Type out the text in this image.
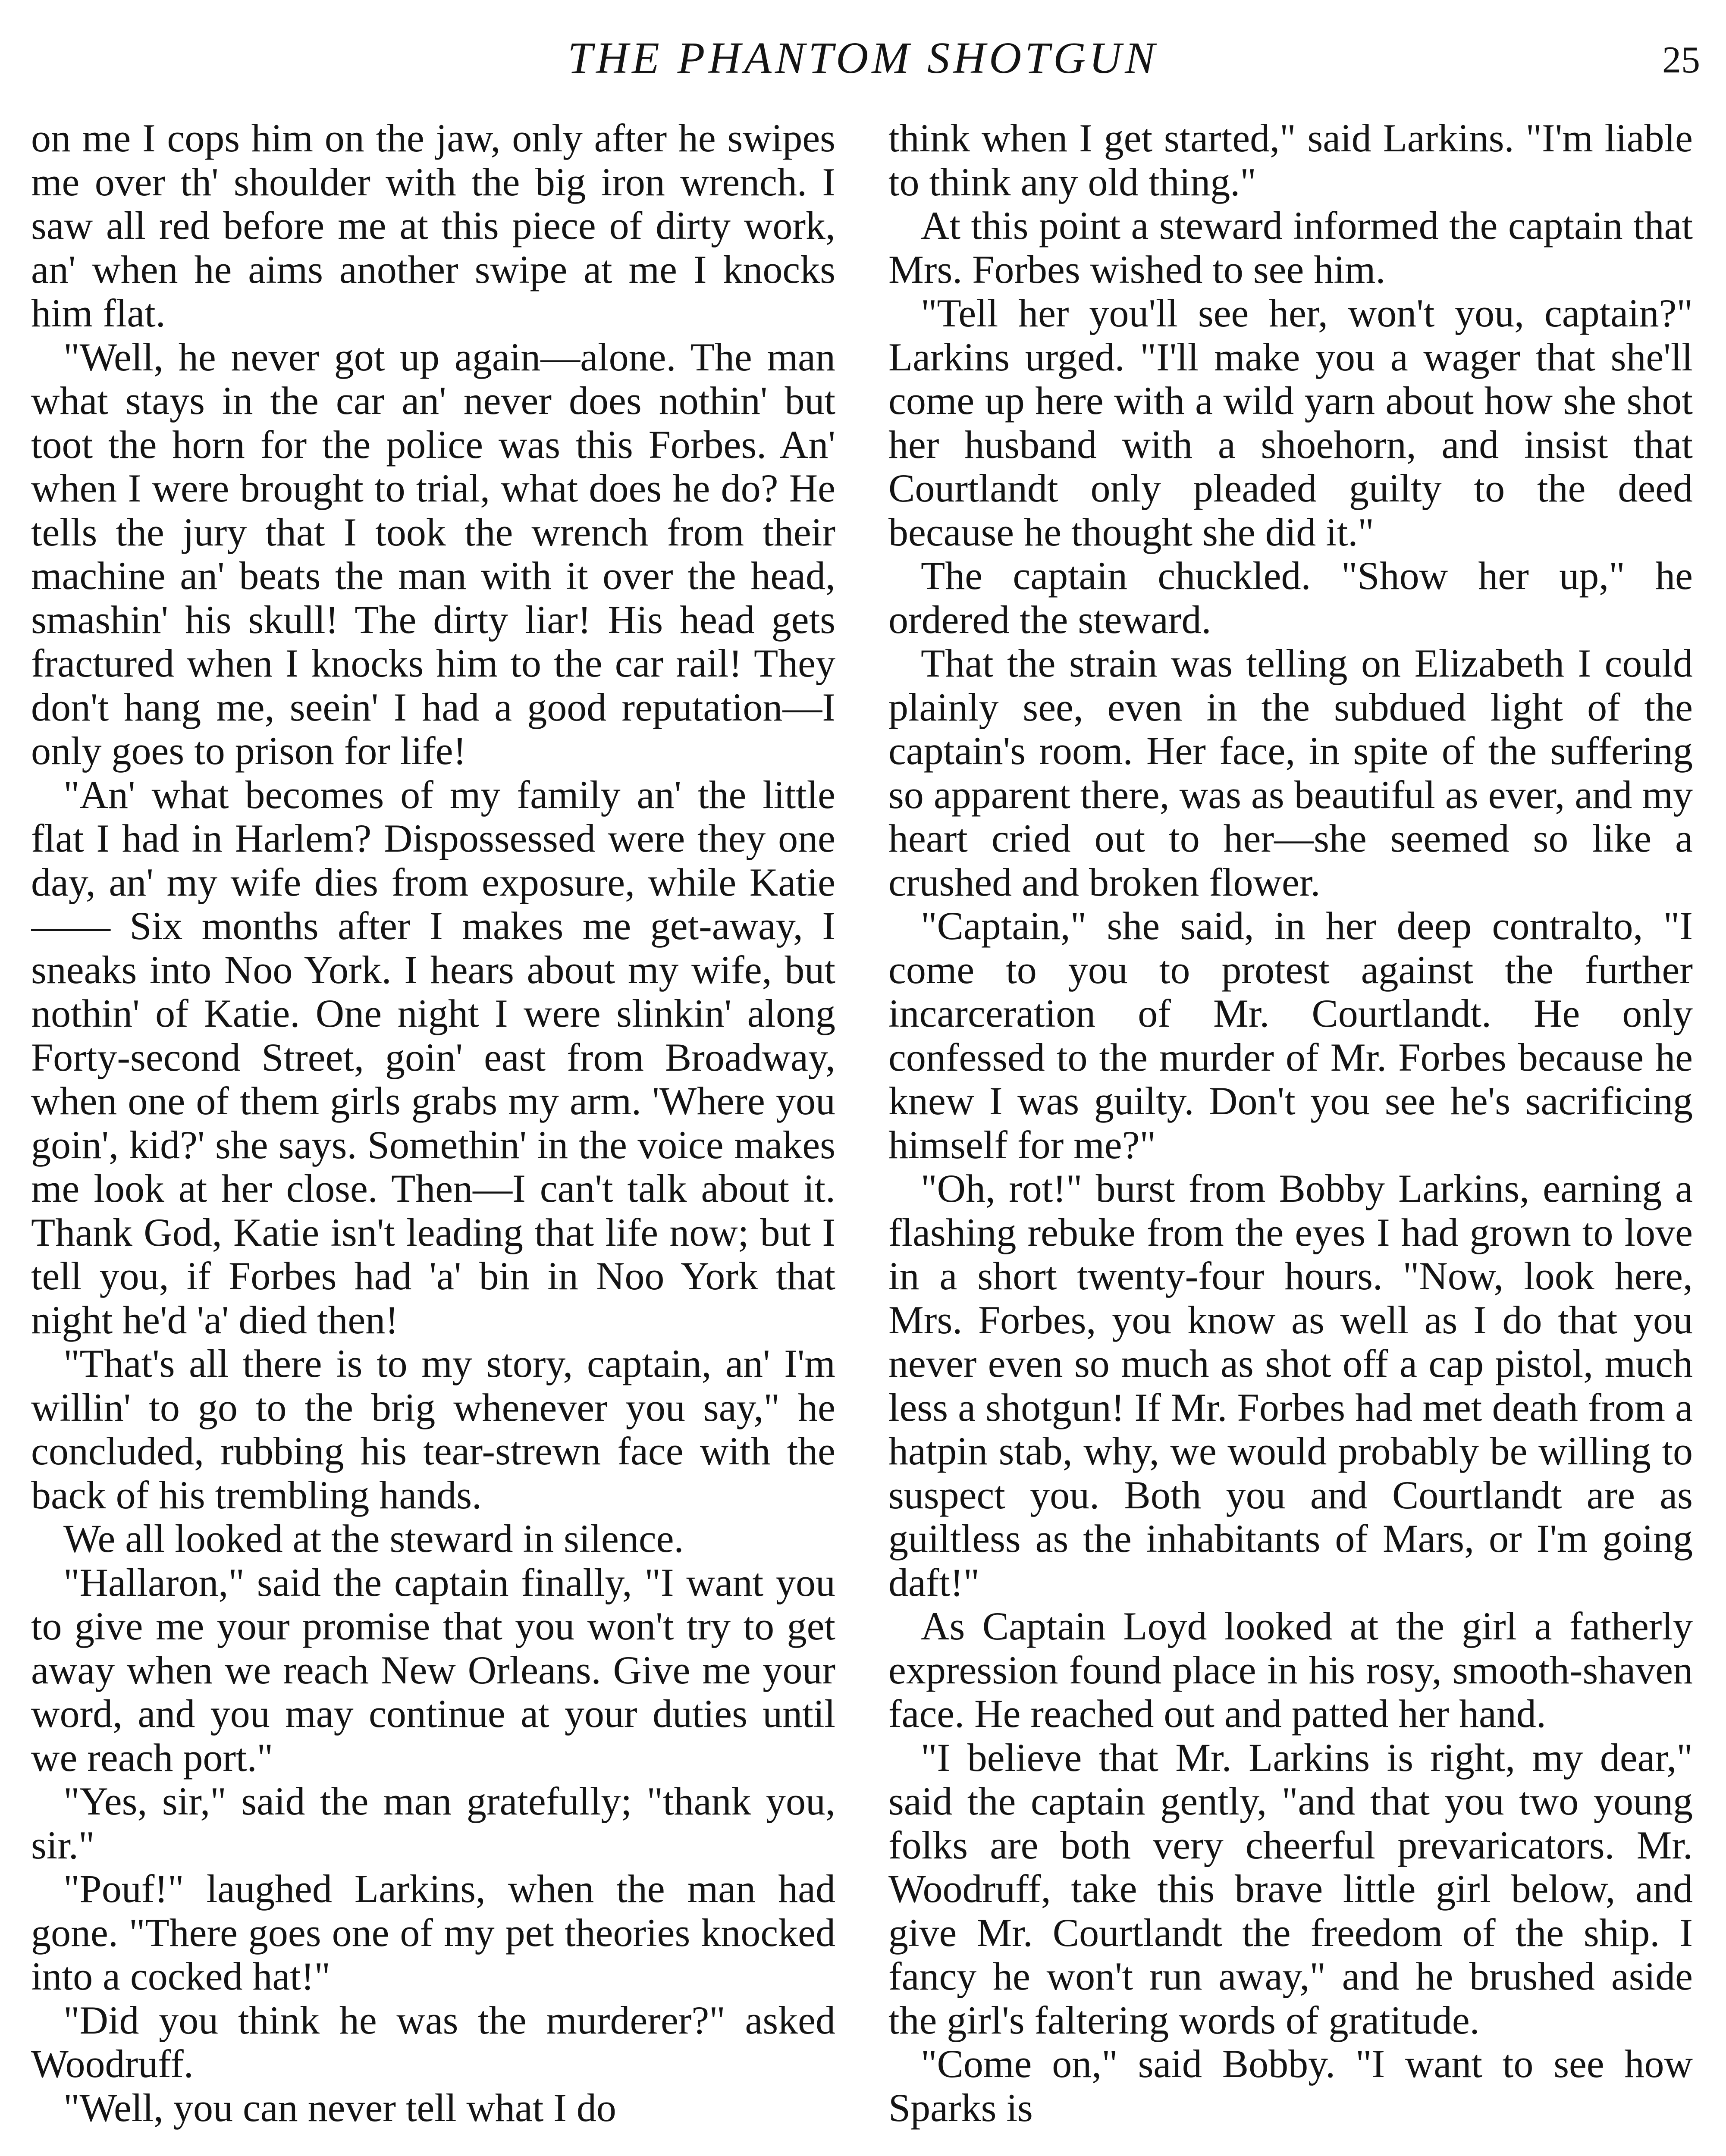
THE PHANTOM SHOTGUN	25

on me I cops him on the jaw, only after he swipes me over th' shoulder with the big iron wrench. I saw all red before me at this piece of dirty work, an' when he aims another swipe at me I knocks him flat.

"Well, he never got up again—alone. The man what stays in the car an' never does nothin' but toot the horn for the police was this Forbes. An' when I were brought to trial, what does he do? He tells the jury that I took the wrench from their machine an' beats the man with it over the head, smashin' his skull! The dirty liar! His head gets fractured when I knocks him to the car rail! They don't hang me, seein' I had a good reputation—I only goes to prison for life!

"An' what becomes of my family an' the little flat I had in Harlem? Dispossessed were they one day, an' my wife dies from exposure, while Katie—— Six months after I makes me get-away, I sneaks into Noo York. I hears about my wife, but nothin' of Katie. One night I were slinkin' along Forty-second Street, goin' east from Broadway, when one of them girls grabs my arm. 'Where you goin', kid?' she says. Somethin' in the voice makes me look at her close. Then—I can't talk about it. Thank God, Katie isn't leading that life now; but I tell you, if Forbes had 'a' bin in Noo York that night he'd 'a' died then!

"That's all there is to my story, captain, an' I'm willin' to go to the brig whenever you say," he concluded, rubbing his tear-strewn face with the back of his trembling hands.

We all looked at the steward in silence.

"Hallaron," said the captain finally, "I want you to give me your promise that you won't try to get away when we reach New Orleans. Give me your word, and you may continue at your duties until we reach port."

"Yes, sir," said the man gratefully; "thank you, sir."

"Pouf!" laughed Larkins, when the man had gone. "There goes one of my pet theories knocked into a cocked hat!"

"Did you think he was the murderer?" asked Woodruff.

"Well, you can never tell what I do

think when I get started," said Larkins. "I'm liable to think any old thing."

At this point a steward informed the captain that Mrs. Forbes wished to see him.

"Tell her you'll see her, won't you, captain?" Larkins urged. "I'll make you a wager that she'll come up here with a wild yarn about how she shot her husband with a shoehorn, and insist that Courtlandt only pleaded guilty to the deed because he thought she did it."

The captain chuckled. "Show her up," he ordered the steward.

That the strain was telling on Elizabeth I could plainly see, even in the subdued light of the captain's room. Her face, in spite of the suffering so apparent there, was as beautiful as ever, and my heart cried out to her—she seemed so like a crushed and broken flower.

"Captain," she said, in her deep contralto, "I come to you to protest against the further incarceration of Mr. Courtlandt. He only confessed to the murder of Mr. Forbes because he knew I was guilty. Don't you see he's sacrificing himself for me?"

"Oh, rot!" burst from Bobby Larkins, earning a flashing rebuke from the eyes I had grown to love in a short twenty-four hours. "Now, look here, Mrs. Forbes, you know as well as I do that you never even so much as shot off a cap pistol, much less a shotgun! If Mr. Forbes had met death from a hatpin stab, why, we would probably be willing to suspect you. Both you and Courtlandt are as guiltless as the inhabitants of Mars, or I'm going daft!"

As Captain Loyd looked at the girl a fatherly expression found place in his rosy, smooth-shaven face. He reached out and patted her hand.

"I believe that Mr. Larkins is right, my dear," said the captain gently, "and that you two young folks are both very cheerful prevaricators. Mr. Woodruff, take this brave little girl below, and give Mr. Courtlandt the freedom of the ship. I fancy he won't run away," and he brushed aside the girl's faltering words of gratitude.

"Come on," said Bobby. "I want to see how Sparks is
